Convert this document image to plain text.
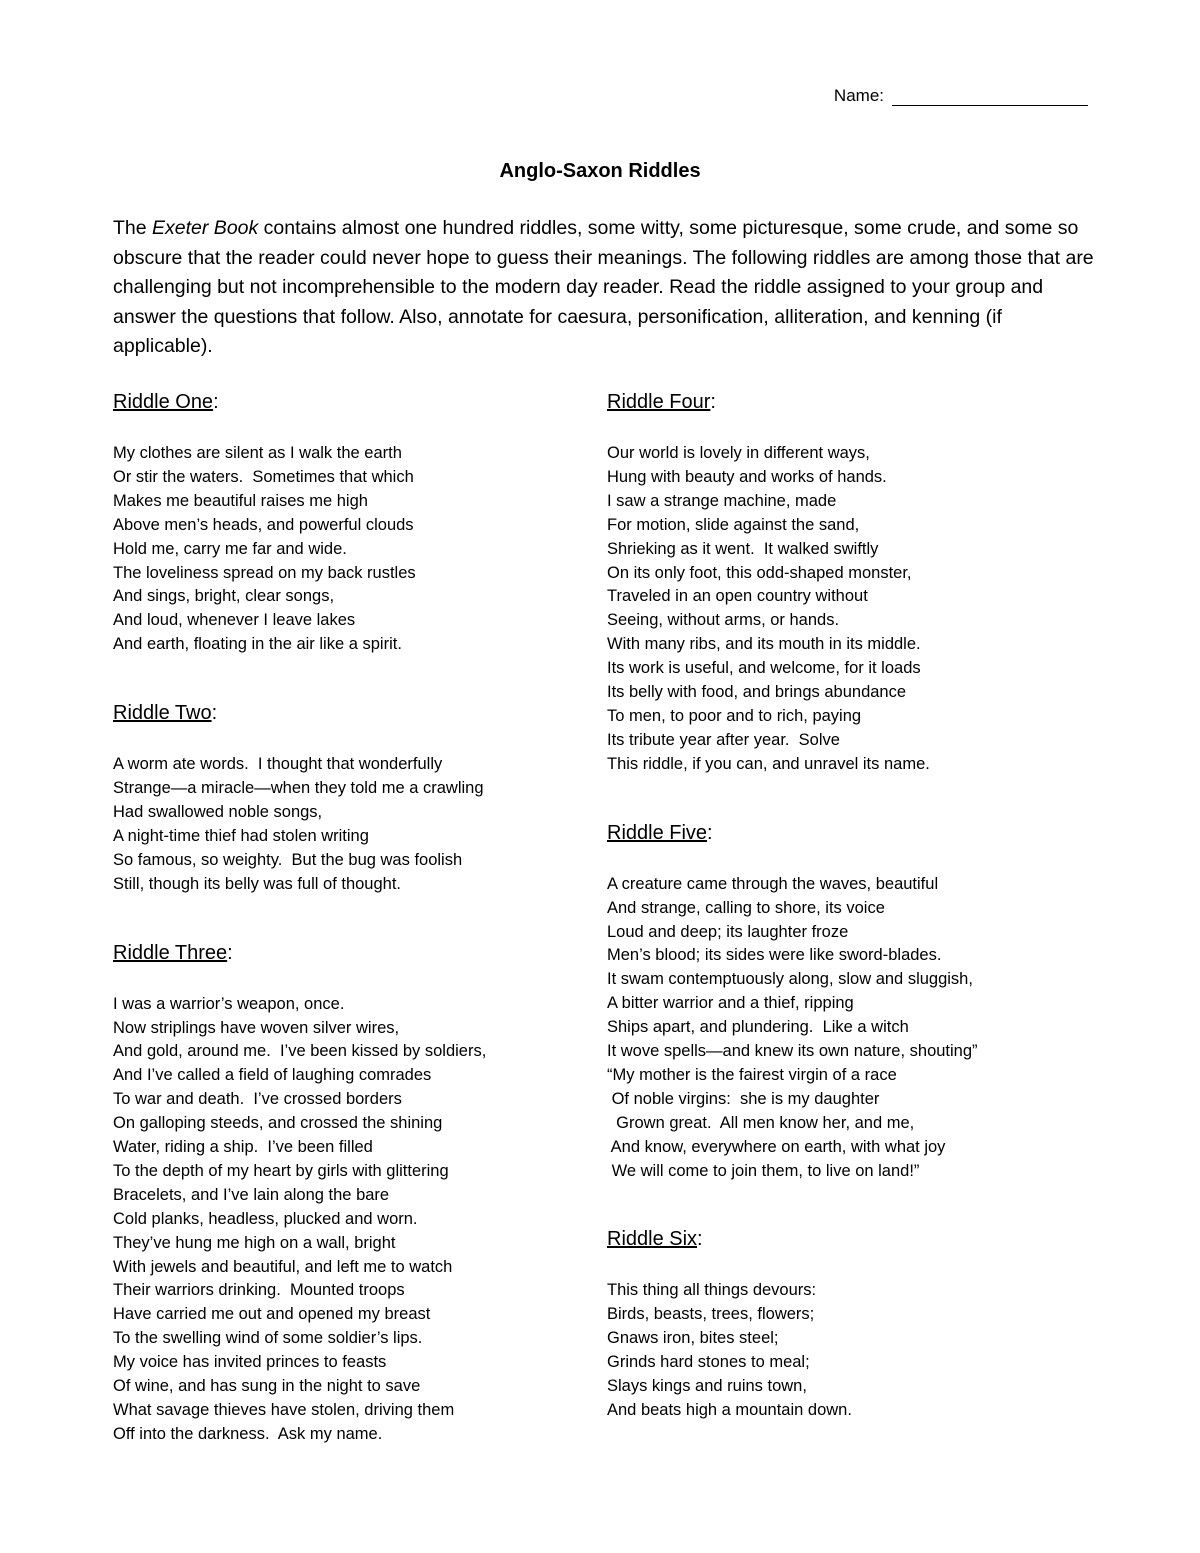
Name:
Anglo-Saxon Riddles

The Exeter Book contains almost one hundred riddles, some witty, some picturesque, some crude, and some so obscure that the reader could never hope to guess their meanings. The following riddles are among those that are challenging but not incomprehensible to the modern day reader. Read the riddle assigned to your group and answer the questions that follow. Also, annotate for caesura, personification, alliteration, and kenning (if applicable).

Riddle One:
My clothes are silent as I walk the earth
Or stir the waters.  Sometimes that which
Makes me beautiful raises me high
Above men’s heads, and powerful clouds
Hold me, carry me far and wide.
The loveliness spread on my back rustles
And sings, bright, clear songs,
And loud, whenever I leave lakes
And earth, floating in the air like a spirit.
Riddle Two:
A worm ate words.  I thought that wonderfully
Strange—a miracle—when they told me a crawling
Had swallowed noble songs,
A night-time thief had stolen writing
So famous, so weighty.  But the bug was foolish
Still, though its belly was full of thought.
Riddle Three:
I was a warrior’s weapon, once.
Now striplings have woven silver wires,
And gold, around me.  I’ve been kissed by soldiers,
And I’ve called a field of laughing comrades
To war and death.  I’ve crossed borders
On galloping steeds, and crossed the shining
Water, riding a ship.  I’ve been filled
To the depth of my heart by girls with glittering
Bracelets, and I’ve lain along the bare
Cold planks, headless, plucked and worn.
They’ve hung me high on a wall, bright
With jewels and beautiful, and left me to watch
Their warriors drinking.  Mounted troops
Have carried me out and opened my breast
To the swelling wind of some soldier’s lips.
My voice has invited princes to feasts
Of wine, and has sung in the night to save
What savage thieves have stolen, driving them
Off into the darkness.  Ask my name.
Riddle Four:
Our world is lovely in different ways,
Hung with beauty and works of hands.
I saw a strange machine, made
For motion, slide against the sand,
Shrieking as it went.  It walked swiftly
On its only foot, this odd-shaped monster,
Traveled in an open country without
Seeing, without arms, or hands.
With many ribs, and its mouth in its middle.
Its work is useful, and welcome, for it loads
Its belly with food, and brings abundance
To men, to poor and to rich, paying
Its tribute year after year.  Solve
This riddle, if you can, and unravel its name.
Riddle Five:
A creature came through the waves, beautiful
And strange, calling to shore, its voice
Loud and deep; its laughter froze
Men’s blood; its sides were like sword-blades.
It swam contemptuously along, slow and sluggish,
A bitter warrior and a thief, ripping
Ships apart, and plundering.  Like a witch
It wove spells—and knew its own nature, shouting”
“My mother is the fairest virgin of a race
Of noble virgins:  she is my daughter
Grown great.  All men know her, and me,
And know, everywhere on earth, with what joy
We will come to join them, to live on land!”
Riddle Six:
This thing all things devours:
Birds, beasts, trees, flowers;
Gnaws iron, bites steel;
Grinds hard stones to meal;
Slays kings and ruins town,
And beats high a mountain down.
